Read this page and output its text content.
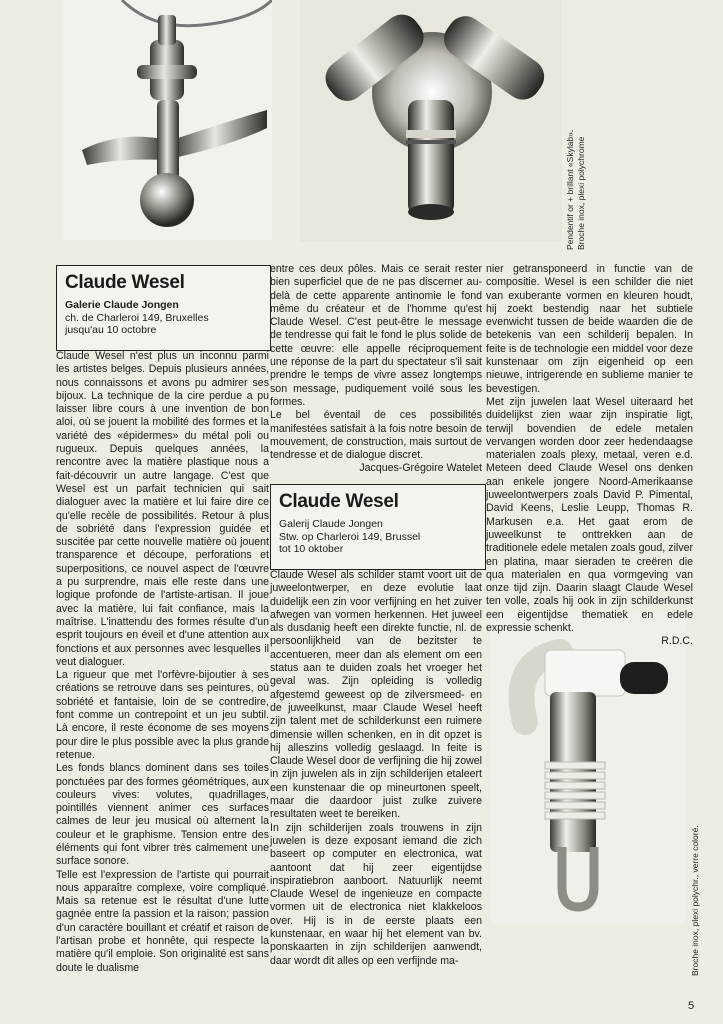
Pendentif or + brillant «Skylab». Broche inox, plexi polychrome
Broche inox, plexi polychr., verre coloré.
Claude Wesel
Galerie Claude Jongen
ch. de Charleroi 149, Bruxelles
jusqu'au 10 octobre

Claude Wesel n'est plus un inconnu parmi les artistes belges. Depuis plusieurs années, nous connaissons et avons pu admirer ses bijoux. La technique de la cire perdue a pu laisser libre cours à une invention de bon aloi, où se jouent la mobilité des formes et la variété des «épidermes» du métal poli ou rugueux. Depuis quelques années, la rencontre avec la matière plastique nous a fait-découvrir un autre langage. C'est que Wesel est un parfait technicien qui sait dialoguer avec la matière et lui faire dire ce qu'elle recèle de possibilités. Retour à plus de sobriété dans l'expression guidée et suscitée par cette nouvelle matière où jouent transparence et découpe, perforations et superpositions, ce nouvel aspect de l'œuvre a pu surprendre, mais elle reste dans une logique profonde de l'artiste-artisan. Il joue avec la matière, lui fait confiance, mais la maîtrise. L'inattendu des formes résulte d'un esprit toujours en éveil et d'une attention aux fonctions et aux personnes avec lesquelles il veut dialoguer.

La rigueur que met l'orfèvre-bijoutier à ses créations se retrouve dans ses peintures, où sobriété et fantaisie, loin de se contredire, font comme un contrepoint et un jeu subtil. Là encore, il reste économe de ses moyens pour dire le plus possible avec la plus grande retenue.

Les fonds blancs dominent dans ses toiles ponctuées par des formes géométriques, aux couleurs vives: volutes, quadrillages, pointillés viennent animer ces surfaces calmes de leur jeu musical où alternent la couleur et le graphisme. Tension entre des éléments qui font vibrer très calmement une surface sonore.

Telle est l'expression de l'artiste qui pourrait nous apparaître complexe, voire compliqué. Mais sa retenue est le résultat d'une lutte gagnée entre la passion et la raison; passion d'un caractère bouillant et créatif et raison de l'artisan probe et honnête, qui respecte la matière qu'il emploie. Son originalité est sans doute le dualisme

entre ces deux pôles. Mais ce serait rester bien superficiel que de ne pas discerner au-delà de cette apparente antinomie le fond même du créateur et de l'homme qu'est Claude Wesel. C'est peut-être le message de tendresse qui fait le fond le plus solide de cette œuvre: elle appelle réciproquement une réponse de la part du spectateur s'il sait prendre le temps de vivre assez longtemps son message, pudiquement voilé sous les formes.

Le bel éventail de ces possibilités manifestées satisfait à la fois notre besoin de mouvement, de construction, mais surtout de tendresse et de dialogue discret.

Jacques-Grégoire Watelet

Claude Wesel
Galerij Claude Jongen
Stw. op Charleroi 149, Brussel
tot 10 oktober

Claude Wesel als schilder stamt voort uit de juweelontwerper, en deze evolutie laat duidelijk een zin voor verfijning en het zuiver afwegen van vormen herkennen. Het juweel als dusdanig heeft een direkte functie, nl. de persoonlijkheid van de bezitster te accentueren, meer dan als element om een status aan te duiden zoals het vroeger het geval was. Zijn opleiding is volledig afgestemd geweest op de zilversmeed- en de juweelkunst, maar Claude Wesel heeft zijn talent met de schilderkunst een ruimere dimensie willen schenken, en in dit opzet is hij alleszins volledig geslaagd. In feite is Claude Wesel door de verfijning die hij zowel in zijn juwelen als in zijn schilderijen etaleert een kunstenaar die op mineurtonen speelt, maar die daardoor juist zulke zuivere resultaten weet te bereiken.

In zijn schilderijen zoals trouwens in zijn juwelen is deze exposant iemand die zich baseert op computer en electronica, wat aantoont dat hij zeer eigentijdse inspiratiebron aanboort. Natuurlijk neemt Claude Wesel de ingenieuze en compacte vormen uit de electronica niet klakkeloos over. Hij is in de eerste plaats een kunstenaar, en waar hij het element van bv. ponskaarten in zijn schilderijen aanwendt, daar wordt dit alles op een verfijnde ma-

nier getransponeerd in functie van de compositie. Wesel is een schilder die niet van exuberante vormen en kleuren houdt, hij zoekt bestendig naar het subtiele evenwicht tussen de beide waarden die de betekenis van een schilderij bepalen. In feite is de technologie een middel voor deze kunstenaar om zijn eigenheid op een nieuwe, intrigerende en sublieme manier te bevestigen.

Met zijn juwelen laat Wesel uiteraard het duidelijkst zien waar zijn inspiratie ligt, terwijl bovendien de edele metalen vervangen worden door zeer hedendaagse materialen zoals plexy, metaal, veren e.d. Meteen deed Claude Wesel ons denken aan enkele jongere Noord-Amerikaanse juweelontwerpers zoals David P. Pimental, David Keens, Leslie Leupp, Thomas R. Markusen e.a. Het gaat erom de juweelkunst te onttrekken aan de traditionele edele metalen zoals goud, zilver en platina, maar sieraden te creëren die qua materialen en qua vormgeving van onze tijd zijn. Daarin slaagt Claude Wesel ten volle, zoals hij ook in zijn schilderkunst een eigentijdse thematiek en edele expressie schenkt.

R.D.C.

5
